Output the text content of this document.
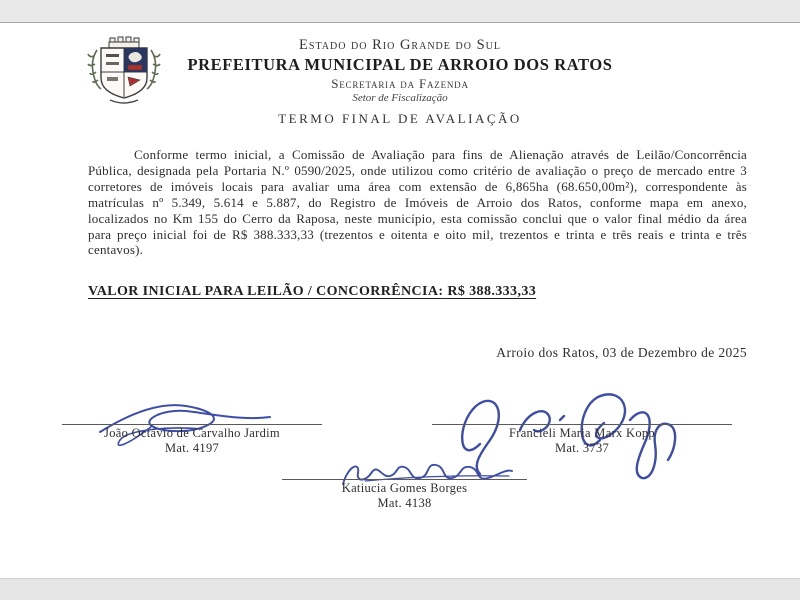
Estado do Rio Grande do Sul
PREFEITURA MUNICIPAL DE ARROIO DOS RATOS
Secretaria da Fazenda
Setor de Fiscalização
TERMO FINAL DE AVALIAÇÃO

Conforme termo inicial, a Comissão de Avaliação para fins de Alienação através de Leilão/Concorrência Pública, designada pela Portaria N.º 0590/2025, onde utilizou como critério de avaliação o preço de mercado entre 3 corretores de imóveis locais para avaliar uma área com extensão de 6,865ha (68.650,00m²), correspondente às matrículas nº 5.349, 5.614 e 5.887, do Registro de Imóveis de Arroio dos Ratos, conforme mapa em anexo, localizados no Km 155 do Cerro da Raposa, neste município, esta comissão conclui que o valor final médio da área para preço inicial foi de R$ 388.333,33 (trezentos e oitenta e oito mil, trezentos e trinta e três reais e trinta e três centavos).

VALOR INICIAL PARA LEILÃO / CONCORRÊNCIA: R$ 388.333,33
Arroio dos Ratos, 03 de Dezembro de 2025
João Octávio de Carvalho Jardim
Mat. 4197
Francieli Maria Marx Kopp
Mat. 3737
Katiucia Gomes Borges
Mat. 4138
